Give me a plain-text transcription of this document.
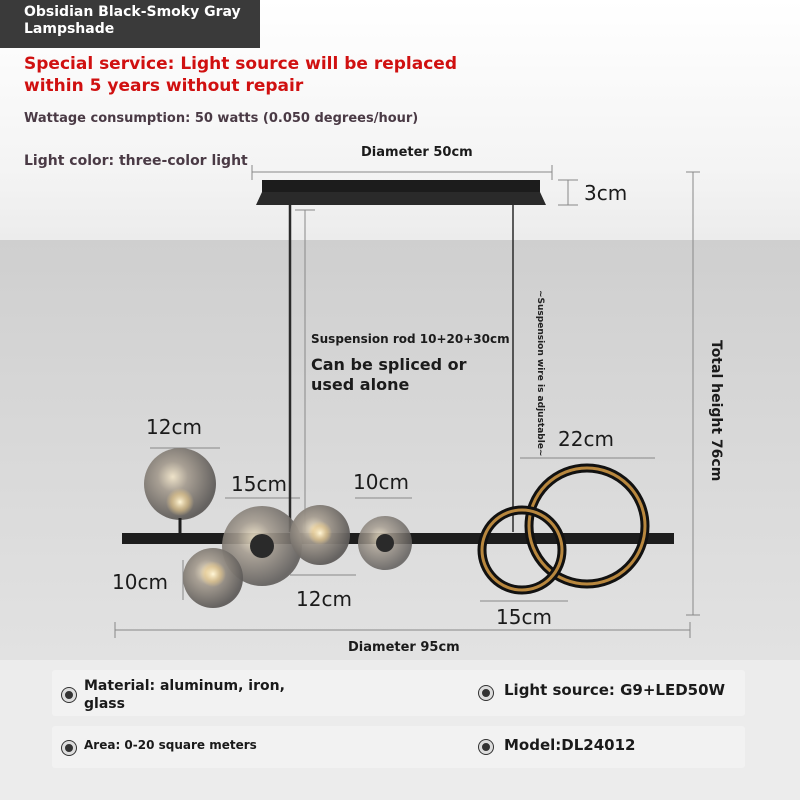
Obsidian Black-Smoky Gray Lampshade
Special service: Light source will be replaced within 5 years without repair
Wattage consumption: 50 watts (0.050 degrees/hour)
Light color: three-color light
Diameter 50cm
3cm
Suspension rod 10+20+30cm
Can be spliced or used alone	~Suspension wire is adjustable~	Total height 76cm
12cm
15cm	10cm
10cm
12cm
22cm
15cm
Diameter 95cm
Material: aluminum, iron, glass
Light source: G9+LED50W
Area: 0-20 square meters	Model:DL24012
